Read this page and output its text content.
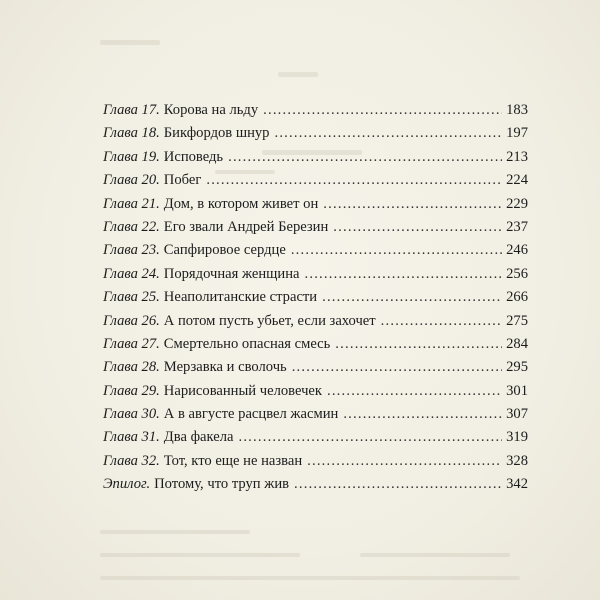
Глава 17. Корова на льду .....	183
Глава 18. Бикфордов шнур .....	197
Глава 19. Исповедь .....	213
Глава 20. Побег .....	224
Глава 21. Дом, в котором живет он .....	229
Глава 22. Его звали Андрей Березин .....	237
Глава 23. Сапфировое сердце .....	246
Глава 24. Порядочная женщина .....	256
Глава 25. Неаполитанские страсти .....	266
Глава 26. А потом пусть убьет, если захочет .....	275
Глава 27. Смертельно опасная смесь .....	284
Глава 28. Мерзавка и сволочь .....	295
Глава 29. Нарисованный человечек .....	301
Глава 30. А в августе расцвел жасмин .....	307
Глава 31. Два факела .....	319
Глава 32. Тот, кто еще не назван .....	328
Эпилог. Потому, что труп жив .....	342
